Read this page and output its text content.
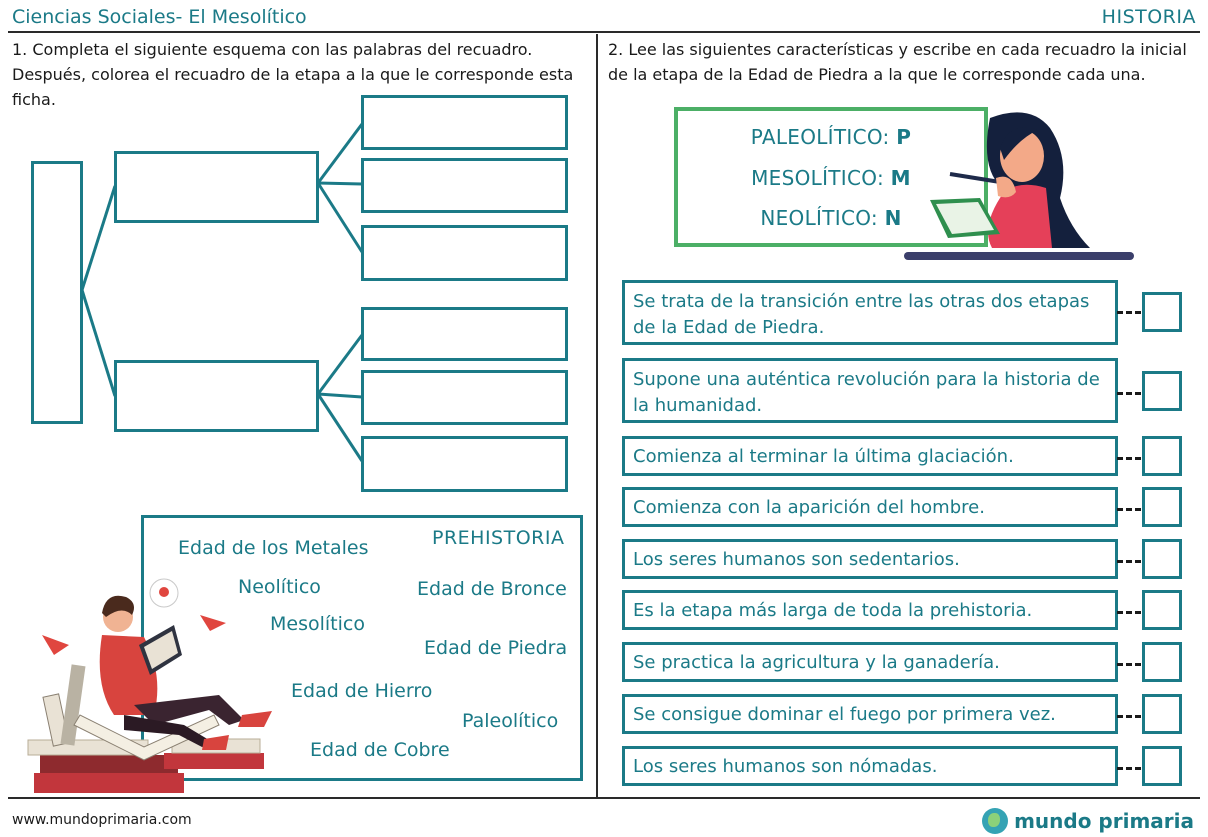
Ciencias Sociales- El Mesolítico	HISTORIA
1. Completa el siguiente esquema con las palabras del recuadro. Después, colorea el recuadro de la etapa a la que le corresponde esta ficha.
Edad de los Metales	PREHISTORIA
Neolítico	Edad de Bronce
Mesolítico
Edad de Piedra
Edad de Hierro
Paleolítico
Edad de Cobre
2. Lee las siguientes características y escribe en cada recuadro la inicial de la etapa de la Edad de Piedra a la que le corresponde cada una.
PALEOLÍTICO: P
MESOLÍTICO: M
NEOLÍTICO: N
Se trata de la transición entre las otras dos etapas de la Edad de Piedra.
Supone una auténtica revolución para la historia de la humanidad.
Comienza al terminar la última glaciación.
Comienza con la aparición del hombre.
Los seres humanos son sedentarios.
Es la etapa más larga de toda la prehistoria.
Se practica la agricultura y la ganadería.
Se consigue dominar el fuego por primera vez.
Los seres humanos son nómadas.
www.mundoprimaria.com	mundo primaria
